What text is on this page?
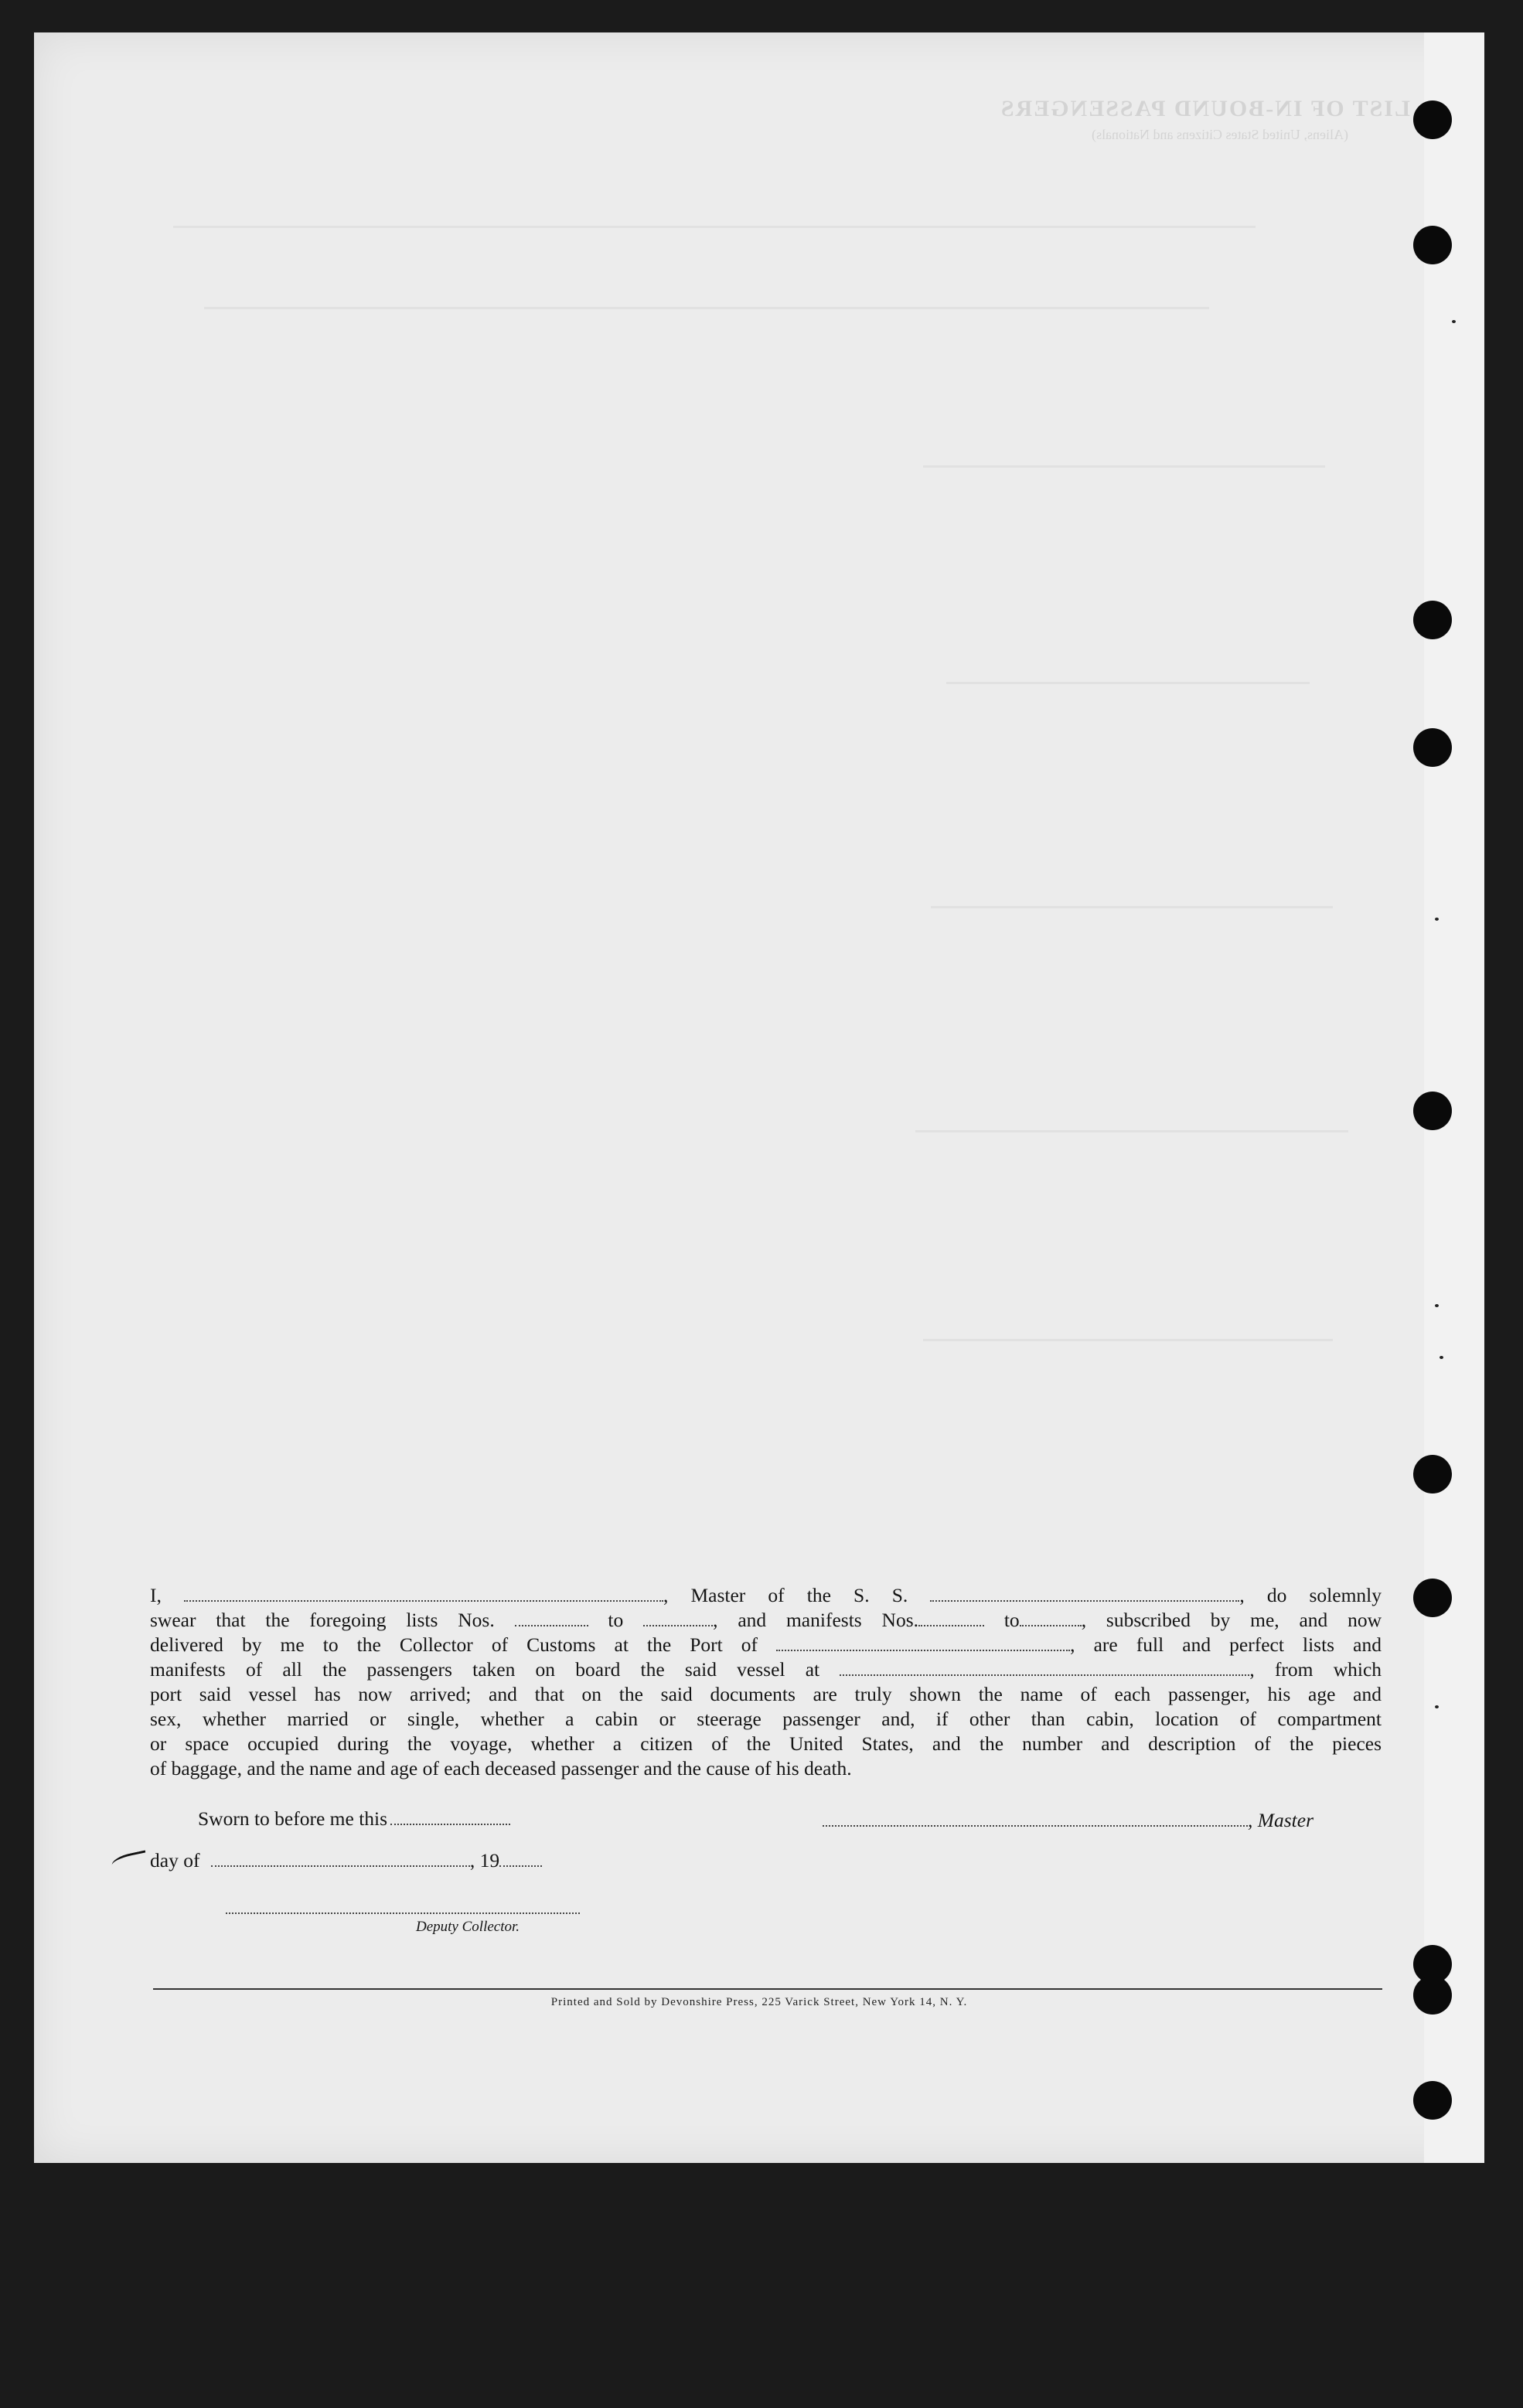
LIST OF IN-BOUND PASSENGERS
(Aliens, United States Citizens and Nationals)

I,	, Master of the S. S.	, do solemnly

swear that the foregoing lists Nos.	to	, and manifests Nos.	to	, subscribed by me, and now

delivered by me to the Collector of Customs at the Port of	, are full and perfect lists and

manifests of all the passengers taken on board the said vessel at	, from which

port said vessel has now arrived; and that on the said documents are truly shown the name of each passenger, his age and

sex, whether married or single, whether a cabin or steerage passenger and, if other than cabin, location of compartment

or space occupied during the voyage, whether a citizen of the United States, and the number and description of the pieces

of baggage, and the name and age of each deceased passenger and the cause of his death.

Sworn to before me this	, Master
day of	, 19
Deputy Collector.
Printed and Sold by Devonshire Press, 225 Varick Street, New York 14, N. Y.
